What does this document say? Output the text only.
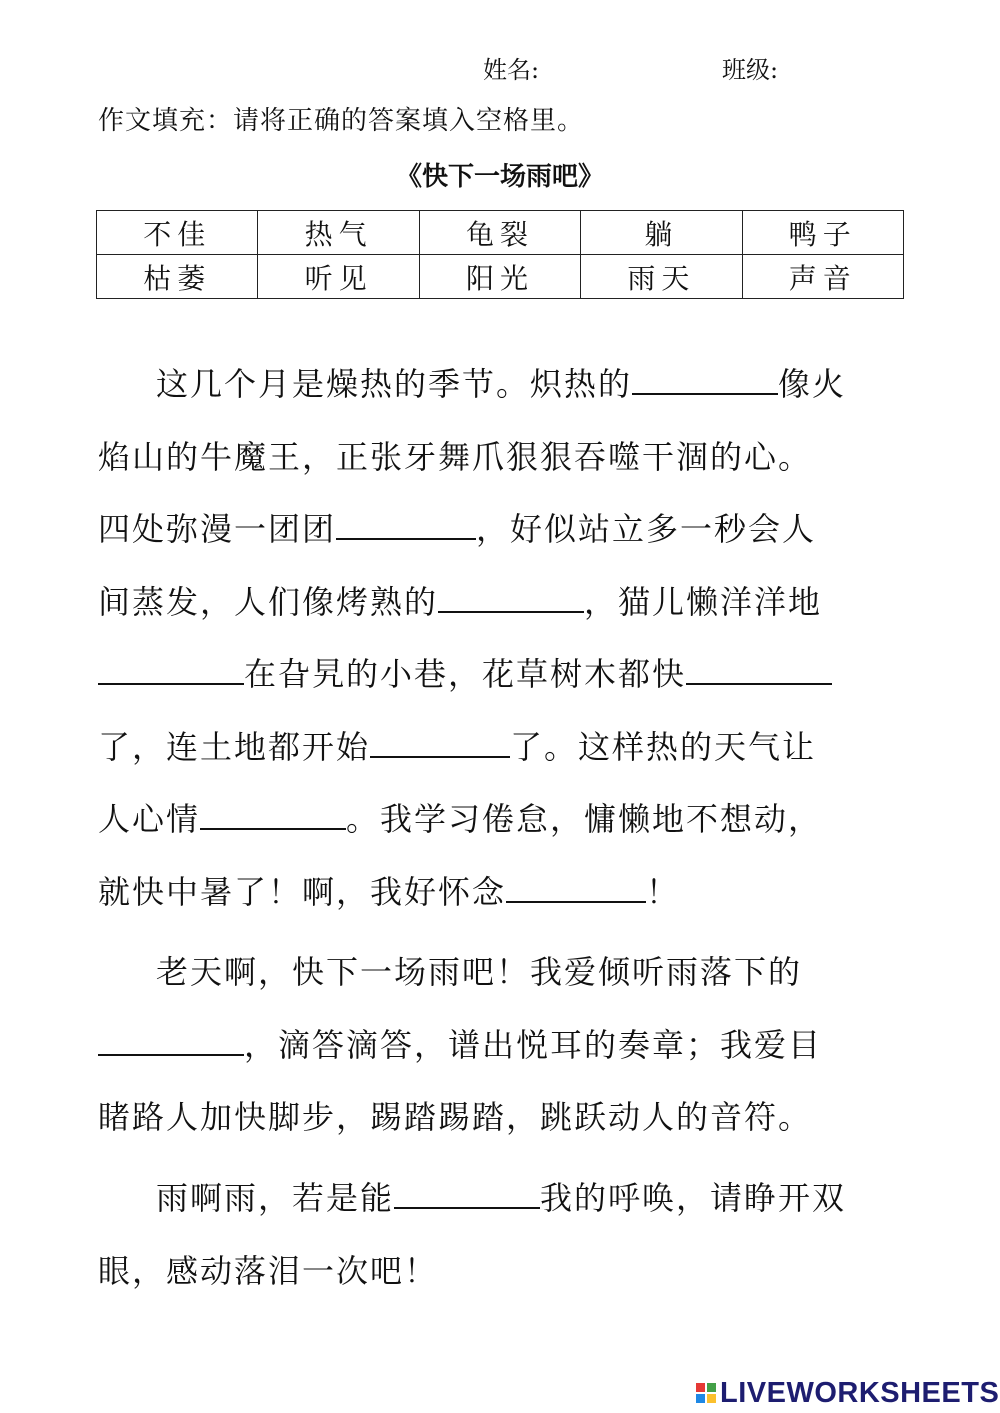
姓名:	班级:
作文填充：请将正确的答案填入空格里。
《快下一场雨吧》
不佳	热气	龟裂	躺	鸭子
枯萎	听见	阳光	雨天	声音
这几个月是燥热的季节。炽热的	像火
焰山的牛魔王，正张牙舞爪狠狠吞噬干涸的心。
四处弥漫一团团	，好似站立多一秒会人
间蒸发，人们像烤熟的	，猫儿懒洋洋地
在旮旯的小巷，花草树木都快
了，连土地都开始	了。这样热的天气让
人心情	。我学习倦怠，慵懒地不想动，
就快中暑了！啊，我好怀念	！
老天啊，快下一场雨吧！我爱倾听雨落下的
，滴答滴答，谱出悦耳的奏章；我爱目
睹路人加快脚步，踢踏踢踏，跳跃动人的音符。
雨啊雨，若是能	我的呼唤，请睁开双
眼，感动落泪一次吧！
LIVEWORKSHEETS
